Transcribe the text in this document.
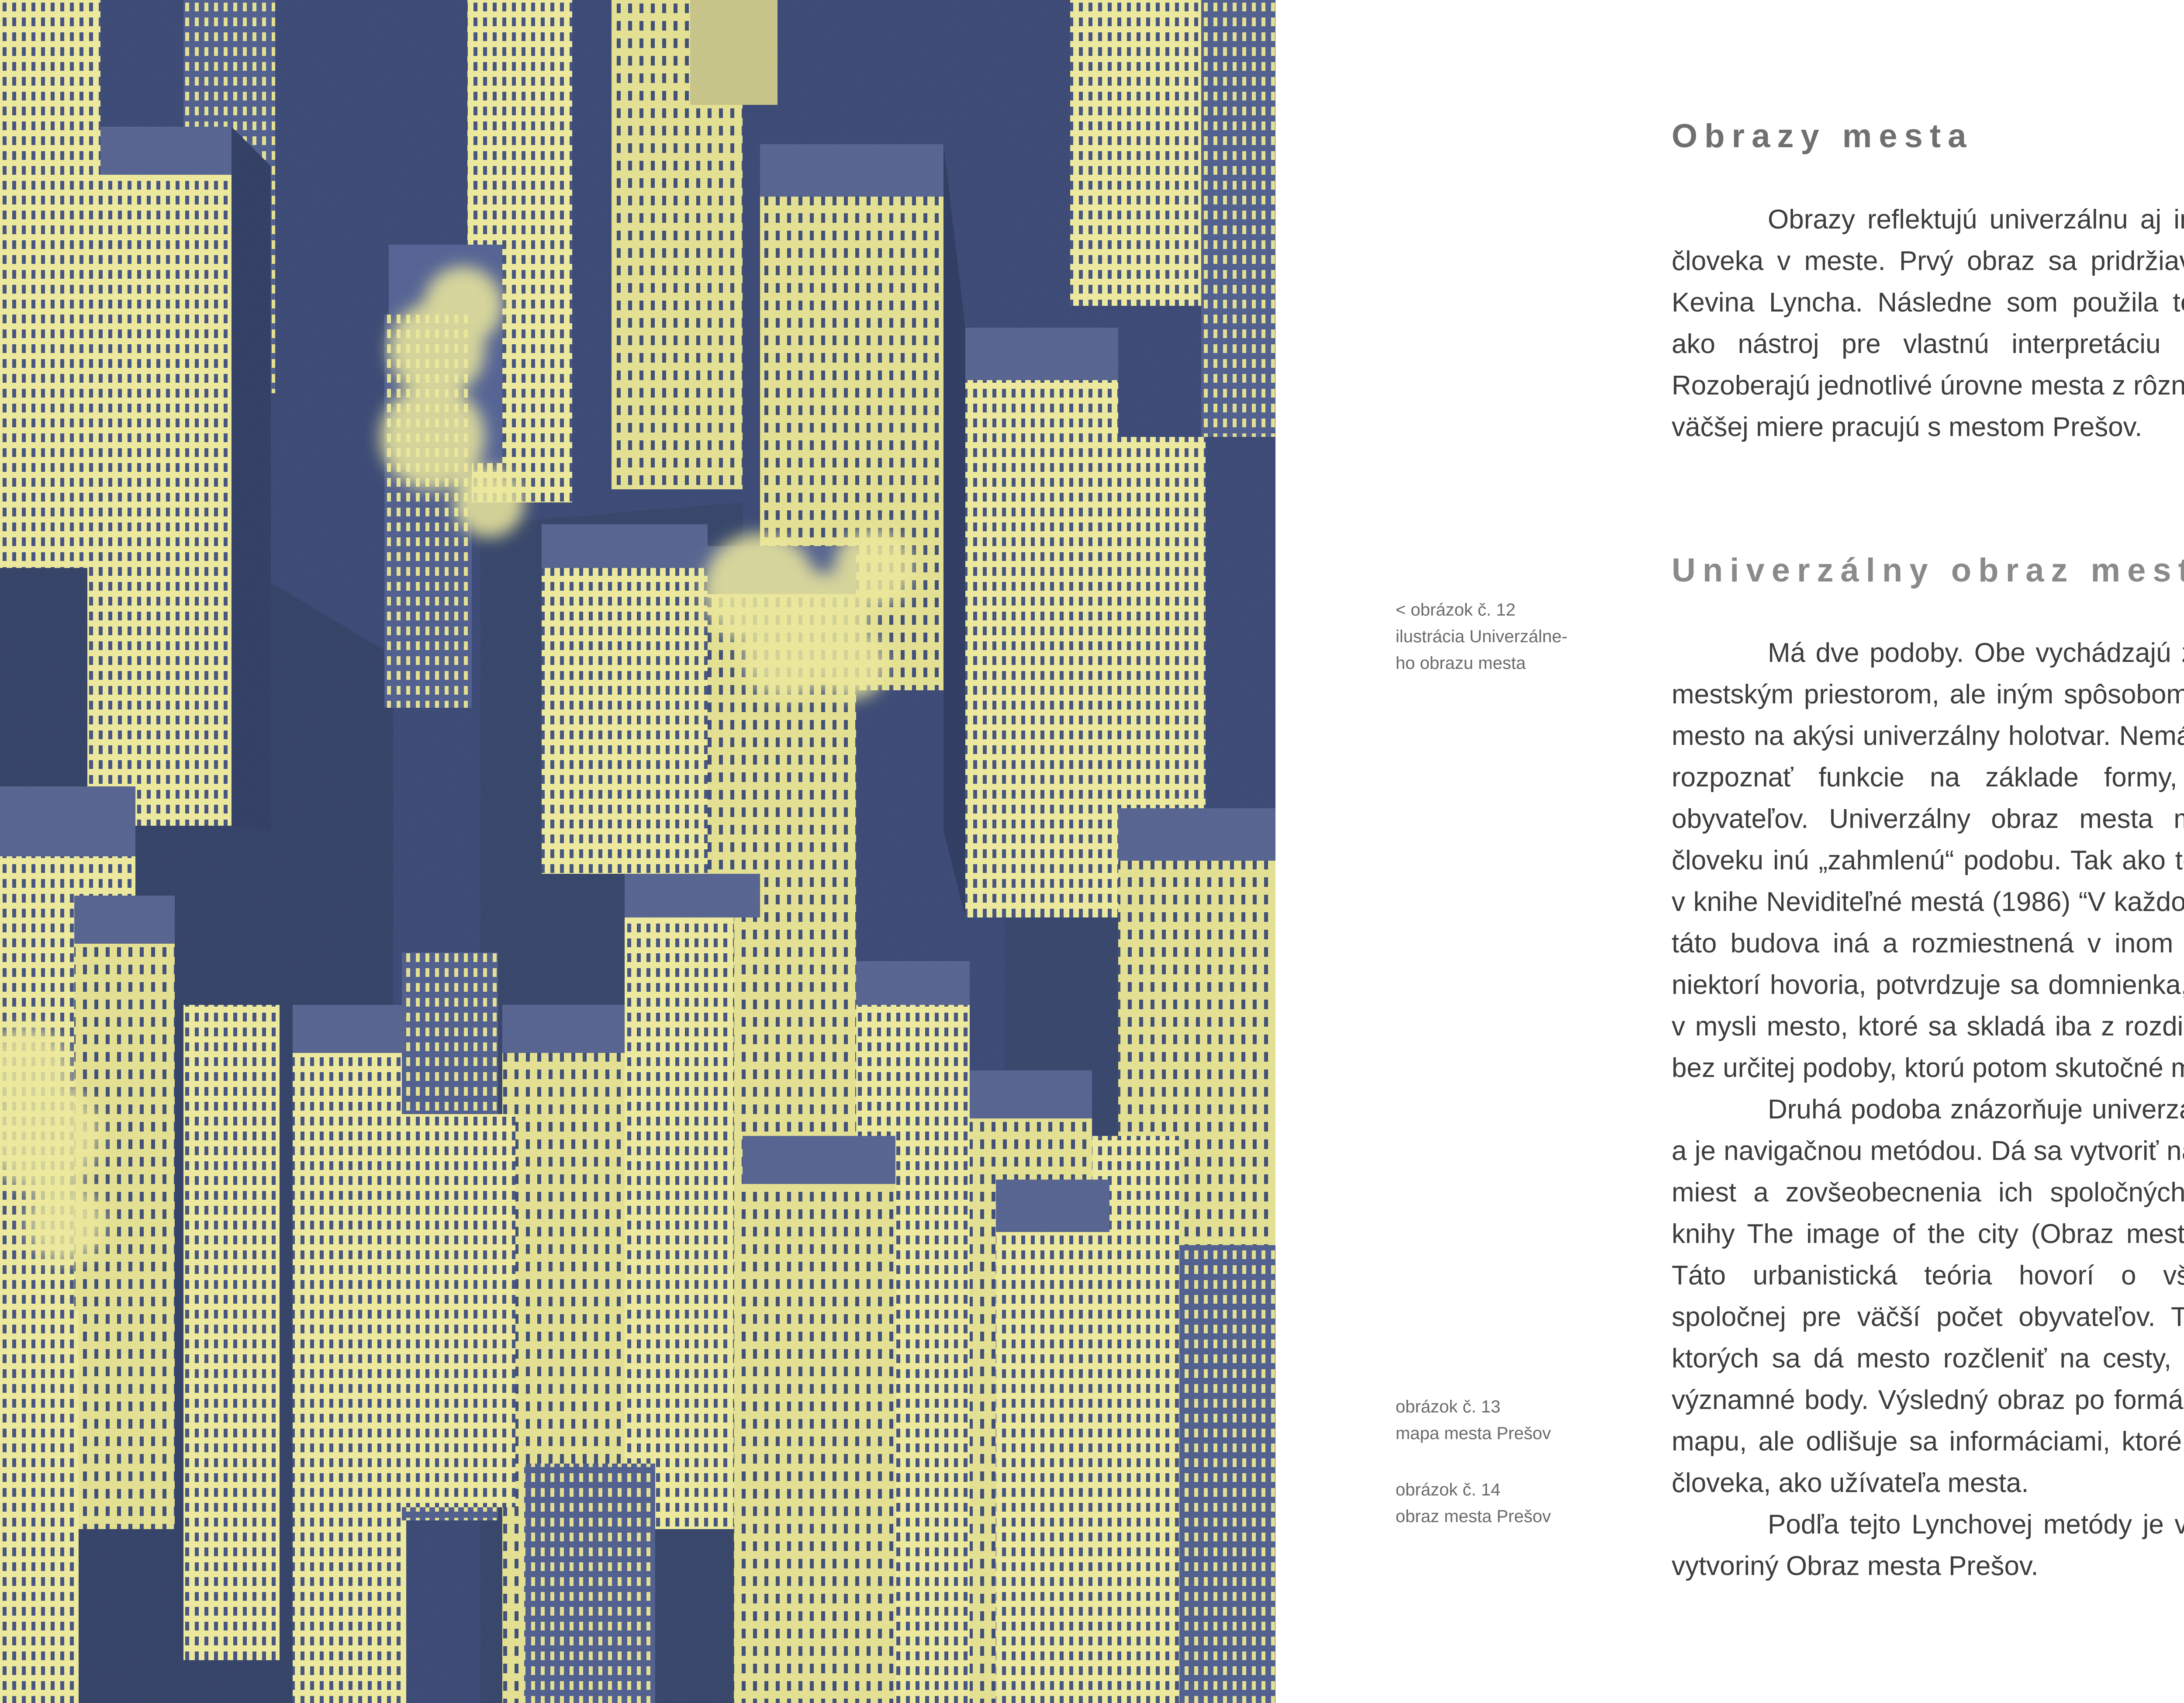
Obrazy mesta

Obrazy reflektujú univerzálnu aj i človeka v meste. Prvý obraz sa pridržia Kevina Lyncha. Následne som použila t ako nástroj pre vlastnú interpretáciu Rozoberajú jednotlivé úrovne mesta z rôzn väčšej miere pracujú s mestom Prešov.

Univerzálny obraz mesta

Má dve podoby. Obe vychádzajú mestským priestorom, ale iným spôsobom. mesto na akýsi univerzálny holotvar. Nemá rozpoznať funkcie na základe formy, obyvateľov. Univerzálny obraz mesta človeku inú „zahmlenú“ podobu. Tak ako t v knihe Neviditeľné mestá (1986) “V každo táto budova iná a rozmiestnená v inom niektorí hovoria, potvrdzuje sa domnienka, v mysli mesto, ktoré sa skladá iba z rozdi bez určitej podoby, ktorú potom skutočné m

Druhá podoba znázorňuje univerz a je navigačnou metódou. Dá sa vytvoriť n miest a zovšeobecnenia ich spoločných knihy The image of the city (Obraz mest Táto urbanistická teória hovorí o vš spoločnej pre väčší počet obyvateľov. T ktorých sa dá mesto rozčleniť na cesty, významné body. Výsledný obraz po formá mapu, ale odlišuje sa informáciami, ktoré človeka, ako užívateľa mesta.

Podľa tejto Lynchovej metódy je v vytvoriný Obraz mesta Prešov.

< obrázok č. 12
ilustrácia Univerzálne-
ho obrazu mesta
obrázok č. 13
mapa mesta Prešov
obrázok č. 14
obraz mesta Prešov
